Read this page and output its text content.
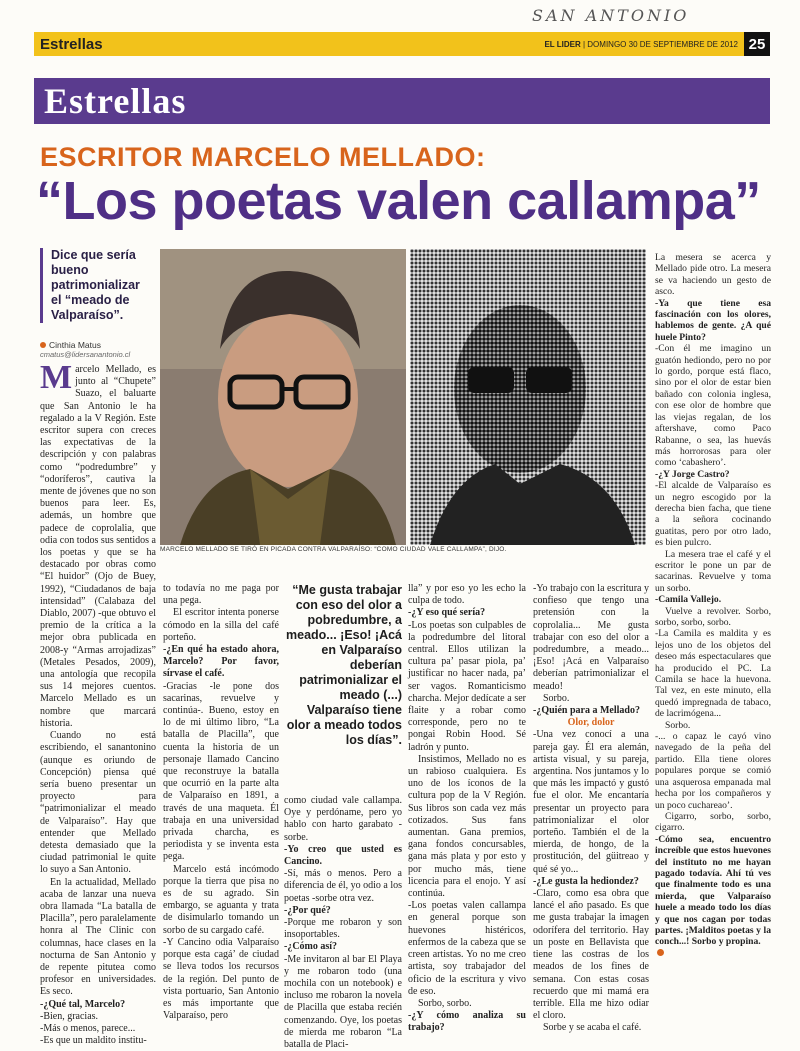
SAN ANTONIO
Estrellas	EL LIDER | DOMINGO 30 DE SEPTIEMBRE DE 2012 25
Estrellas
ESCRITOR MARCELO MELLADO:
“Los poetas valen callampa”
Dice que sería bueno patrimonializar el “meado de Valparaíso”.
Cinthia Matus
cmatus@lidersanantonio.cl
MARCELO MELLADO SE TIRÓ EN PICADA CONTRA VALPARAÍSO: “COMO CIUDAD VALE CALLAMPA”, DIJO.
M arcelo Mellado, es junto al “Chupete” Suazo, el baluarte que San Antonio le ha regalado a la V Región. Este escritor supera con creces las expectativas de la descripción y con palabras como “podredumbre” y “odoríferos”, cautiva la mente de jóvenes que no son buenos para leer. Es, además, un hombre que padece de coprolalia, que odia con todos sus sentidos a los poetas y que se ha destacado por obras como “El huidor” (Ojo de Buey, 1992), “Ciudadanos de baja intensidad” (Calabaza del Diablo, 2007) -que obtuvo el premio de la crítica a la mejor obra publicada en 2008-y “Armas arrojadizas” (Metales Pesados, 2009), una antología que recopila sus 14 mejores cuentos. Marcelo Mellado es un nombre que marcará historia.

Cuando no está escribiendo, el sanantonino (aunque es oriundo de Concepción) piensa qué sería bueno presentar un proyecto para “patrimonializar el meado de Valparaíso”. Hay que entender que Mellado detesta demasiado que la ciudad patrimonial le quite lo suyo a San Antonio.

En la actualidad, Mellado acaba de lanzar una nueva obra llamada “La batalla de Placilla”, pero paralelamente honra al The Clinic con columnas, hace clases en la nocturna de San Antonio y de repente pituteа como profesor en universidades. Es seco.

-¿Qué tal, Marcelo?

-Bien, gracias.

-Más o menos, parece...

-Es que un maldito institu-

to todavía no me paga por una pega.

El escritor intenta ponerse cómodo en la silla del café porteño.

-¿En qué ha estado ahora, Marcelo? Por favor, sírvase el café.

-Gracias -le pone dos sacarinas, revuelve y continúa-. Bueno, estoy en lo de mi último libro, “La batalla de Placilla”, que cuenta la historia de un personaje llamado Cancino que reconstruye la batalla que ocurrió en la parte alta de Valparaíso en 1891, a través de una maqueta. Él trabaja en una universidad privada charcha, es periodista y se inventa esta pega.

Marcelo está incómodo porque la tierra que pisa no es de su agrado. Sin embargo, se aguanta y trata de disimularlo tomando un sorbo de su cargado café.

-Y Cancino odia Valparaíso porque esta cagá’ de ciudad se lleva todos los recursos de la región. Del punto de vista portuario, San Antonio es más importante que Valparaíso, pero

“Me gusta trabajar con eso del olor a pobredumbre, a meado... ¡Eso! ¡Acá en Valparaíso deberían patrimonializar el meado (...) Valparaíso tiene olor a meado todos los días”.

como ciudad vale callampa. Oye y perdóname, pero yo hablo con harto garabato -sorbe.

-Yo creo que usted es Cancino.

-Sí, más o menos. Pero a diferencia de él, yo odio a los poetas -sorbe otra vez.

-¿Por qué?

-Porque me robaron y son insoportables.

-¿Cómo así?

-Me invitaron al bar El Playa y me robaron todo (una mochila con un notebook) e incluso me robaron la novela de Placilla que estaba recién comenzando. Oye, los poetas de mierda me robaron “La batalla de Placi-

lla” y por eso yo les echo la culpa de todo.

-¿Y eso qué sería?

-Los poetas son culpables de la podredumbre del litoral central. Ellos utilizan la cultura pa’ pasar piola, pa’ justificar no hacer nada, pa’ ser vagos. Romanticismo charcha. Mejor dedícate a ser flaite y a robar como corresponde, pero no te pongai Robin Hood. Sé ladrón y punto.

Insistimos, Mellado no es un rabioso cualquiera. Es uno de los íconos de la cultura pop de la V Región. Sus libros son cada vez más cotizados. Sus fans aumentan. Gana premios, gana fondos concursables, gana más plata y por esto y por mucho más, tiene licencia para el enojo. Y así continúa.

-Los poetas valen callampa en general porque son huevones histéricos, enfermos de la cabeza que se creen artistas. Yo no me creo artista, soy trabajador del oficio de la escritura y vivo de eso.

Sorbo, sorbo.

-¿Y cómo analiza su trabajo?

-Yo trabajo con la escritura y confieso que tengo una pretensión con la coprolalia... Me gusta trabajar con eso del olor a podredumbre, a meado... ¡Eso! ¡Acá en Valparaíso deberían patrimonializar el meado!

Sorbo.

-¿Quién para a Mellado?

Olor, dolor

-Una vez conocí a una pareja gay. Él era alemán, artista visual, y su pareja, argentina. Nos juntamos y lo que más les impactó y gustó fue el olor. Me encantaría presentar un proyecto para patrimonializar el olor porteño. También el de la mierda, de hongo, de la prostitución, del güitreao y qué sé yo...

-¿Le gusta la hediondez?

-Claro, como esa obra que lancé el año pasado. Es que me gusta trabajar la imagen odorífera del territorio. Hay un poste en Bellavista que tiene las costras de los meados de los fines de semana. Con estas cosas recuerdo que mi mamá era terrible. Ella me hizo odiar el cloro.

Sorbe y se acaba el café.

La mesera se acerca y Mellado pide otro. La mesera se va haciendo un gesto de asco.

-Ya que tiene esa fascinación con los olores, hablemos de gente. ¿A qué huele Pinto?

-Con él me imagino un guatón hediondo, pero no por lo gordo, porque está flaco, sino por el olor de estar bien bañado con colonia inglesa, con ese olor de hombre que las viejas regalan, de los aftershave, como Paco Rabanne, o sea, las huevás más horrorosas para oler como ‘cabashero’.

-¿Y Jorge Castro?

-El alcalde de Valparaíso es un negro escogido por la derecha bien facha, que tiene a la señora cocinando guatitas, pero por otro lado, es bien pulcro.

La mesera trae el café y el escritor le pone un par de sacarinas. Revuelve y toma un sorbo.

-Camila Vallejo.

Vuelve a revolver. Sorbo, sorbo, sorbo, sorbo.

-La Camila es maldita y es lejos uno de los objetos del deseo más espectaculares que ha producido el PC. La Camila se hace la huevona. Tal vez, en este minuto, ella quedó impregnada de tabaco, de lacrimógena...

Sorbo.

-... o capaz le cayó vino navegado de la peña del partido. Ella tiene olores populares porque se comió una asquerosa empanada mal hecha por los compañeros y un poco cuchareao’.

Cigarro, sorbo, sorbo, cigarro.

-Cómo sea, encuentro increíble que estos huevones del instituto no me hayan pagado todavía. Ahí tú ves que finalmente todo es una mierda, que Valparaíso huele a meado todo los días y que nos cagan por todas partes. ¡Malditos poetas y la conch...! Sorbo y propina.
